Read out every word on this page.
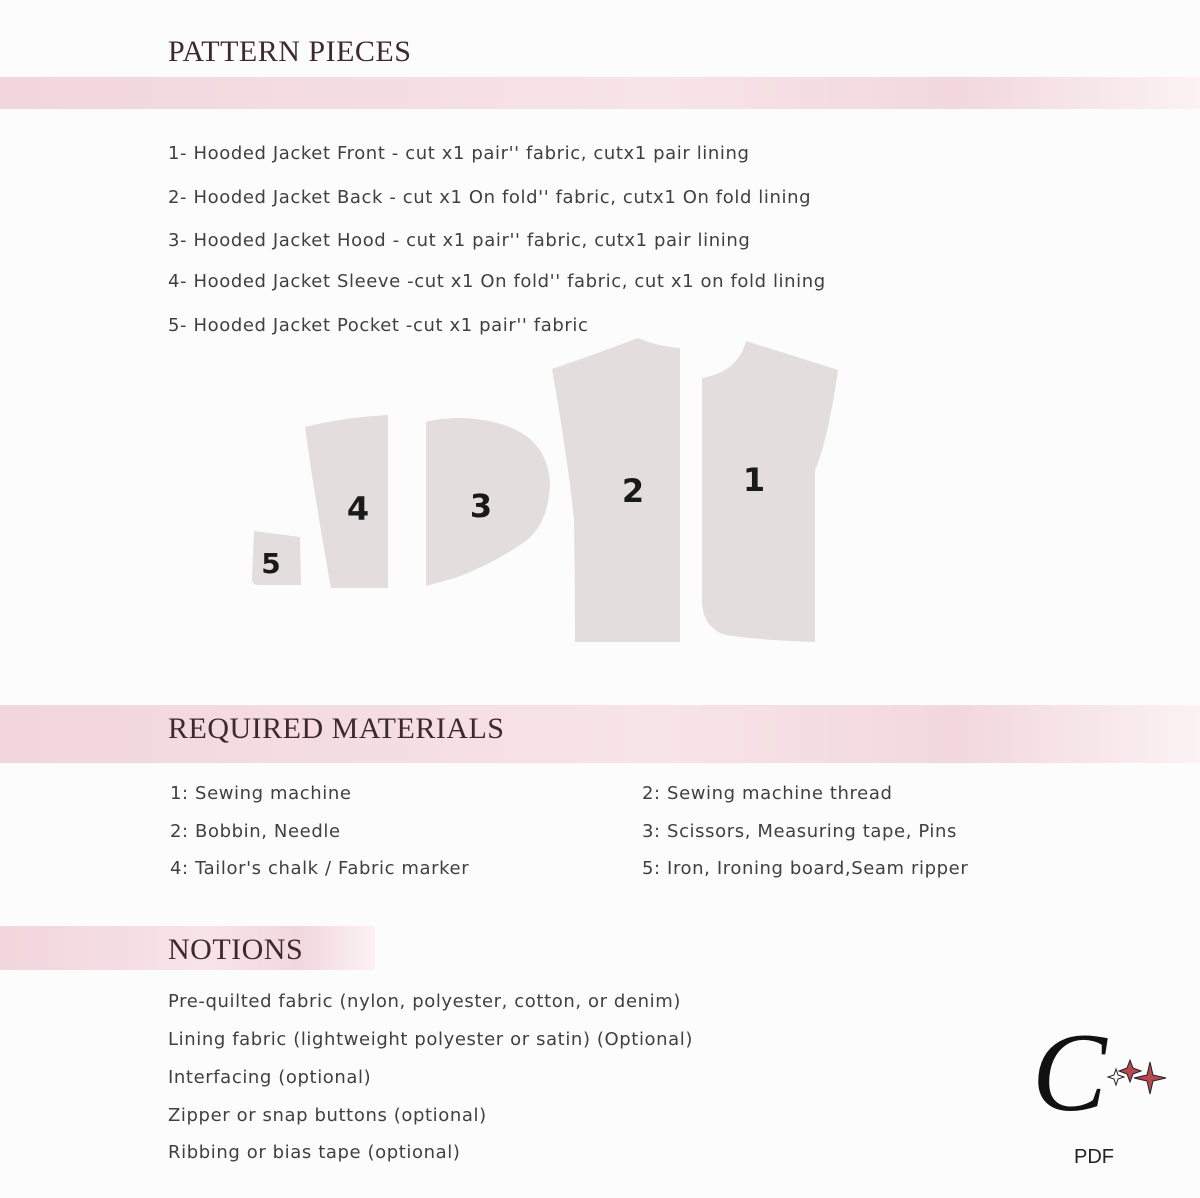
PATTERN PIECES
1- Hooded Jacket Front - cut x1 pair'' fabric, cutx1 pair lining
2- Hooded Jacket Back - cut x1 On fold'' fabric, cutx1 On fold lining
3- Hooded Jacket Hood - cut x1 pair'' fabric, cutx1 pair lining
4- Hooded Jacket Sleeve -cut x1 On fold'' fabric, cut x1 on fold lining
5- Hooded Jacket Pocket -cut x1 pair'' fabric
4	3	2	1
5
REQUIRED MATERIALS
1: Sewing machine
2: Bobbin, Needle
4: Tailor's chalk / Fabric marker
2: Sewing machine thread
3: Scissors, Measuring tape, Pins
5: Iron, Ironing board,Seam ripper
NOTIONS
Pre-quilted fabric (nylon, polyester, cotton, or denim)
Lining fabric (lightweight polyester or satin) (Optional)
Interfacing (optional)
Zipper or snap buttons (optional)
Ribbing or bias tape (optional)
C
PDF
